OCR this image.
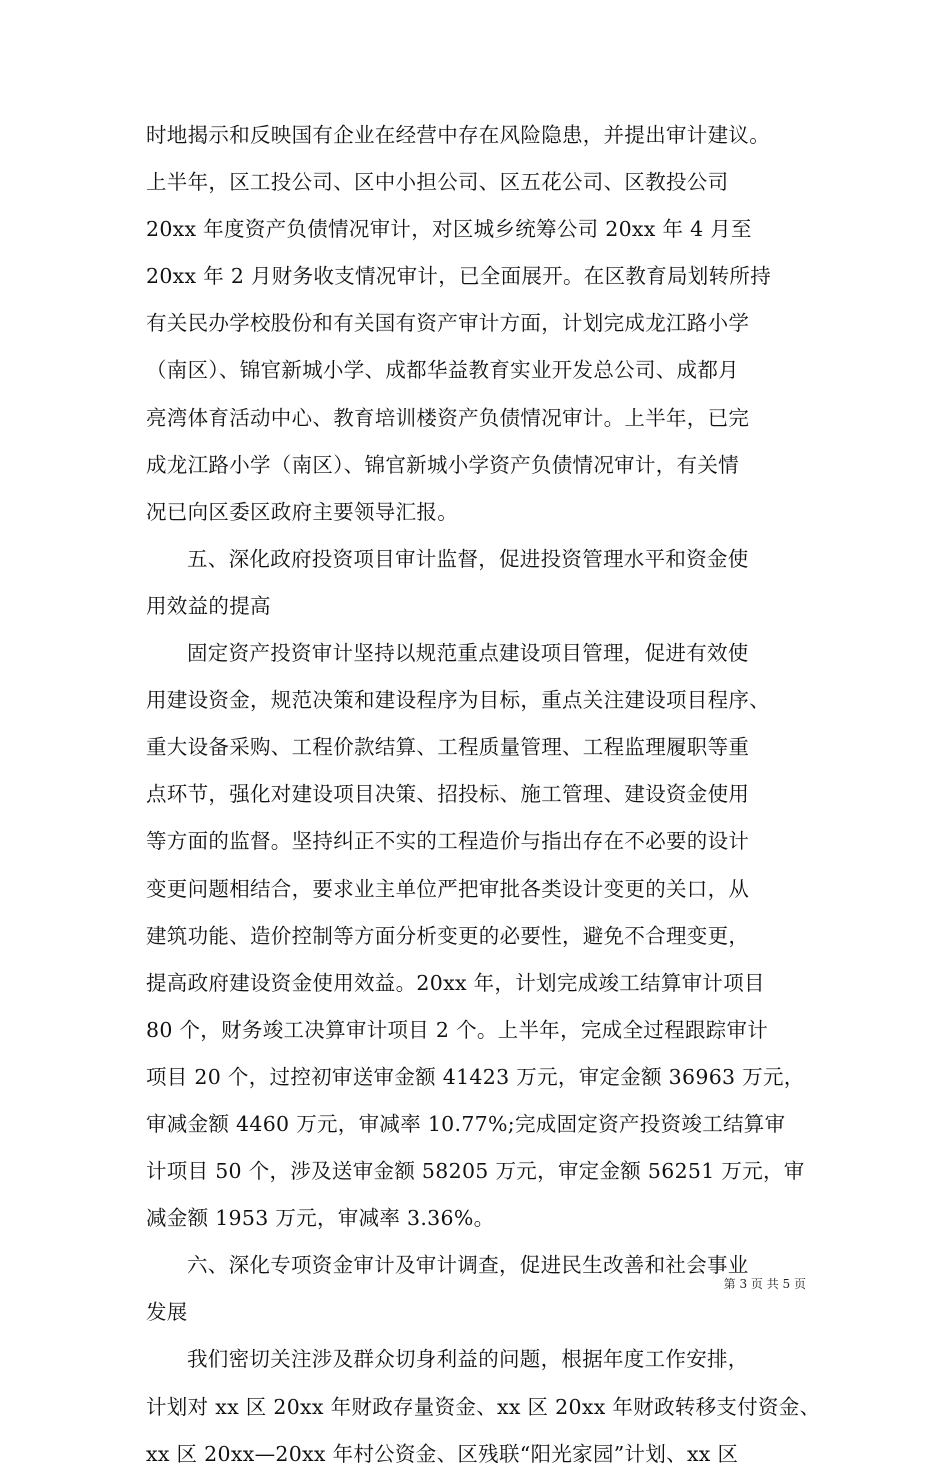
时地揭示和反映国有企业在经营中存在风险隐患，并提出审计建议。
上半年，区工投公司、区中小担公司、区五花公司、区教投公司
20xx 年度资产负债情况审计，对区城乡统筹公司 20xx 年 4 月至
20xx 年 2 月财务收支情况审计，已全面展开。在区教育局划转所持
有关民办学校股份和有关国有资产审计方面，计划完成龙江路小学
（南区）、锦官新城小学、成都华益教育实业开发总公司、成都月
亮湾体育活动中心、教育培训楼资产负债情况审计。上半年，已完
成龙江路小学（南区）、锦官新城小学资产负债情况审计，有关情
况已向区委区政府主要领导汇报。
五、深化政府投资项目审计监督，促进投资管理水平和资金使
用效益的提高
固定资产投资审计坚持以规范重点建设项目管理，促进有效使
用建设资金，规范决策和建设程序为目标，重点关注建设项目程序、
重大设备采购、工程价款结算、工程质量管理、工程监理履职等重
点环节，强化对建设项目决策、招投标、施工管理、建设资金使用
等方面的监督。坚持纠正不实的工程造价与指出存在不必要的设计
变更问题相结合，要求业主单位严把审批各类设计变更的关口，从
建筑功能、造价控制等方面分析变更的必要性，避免不合理变更，
提高政府建设资金使用效益。20xx 年，计划完成竣工结算审计项目
80 个，财务竣工决算审计项目 2 个。上半年，完成全过程跟踪审计
项目 20 个，过控初审送审金额 41423 万元，审定金额 36963 万元，
审减金额 4460 万元，审减率 10.77%;完成固定资产投资竣工结算审
计项目 50 个，涉及送审金额 58205 万元，审定金额 56251 万元，审
减金额 1953 万元，审减率 3.36%。
六、深化专项资金审计及审计调查，促进民生改善和社会事业
发展
我们密切关注涉及群众切身利益的问题，根据年度工作安排，
计划对 xx 区 20xx 年财政存量资金、xx 区 20xx 年财政转移支付资金、
xx 区 20xx—20xx 年村公资金、区残联“阳光家园”计划、xx 区
第 3 页 共 5 页
